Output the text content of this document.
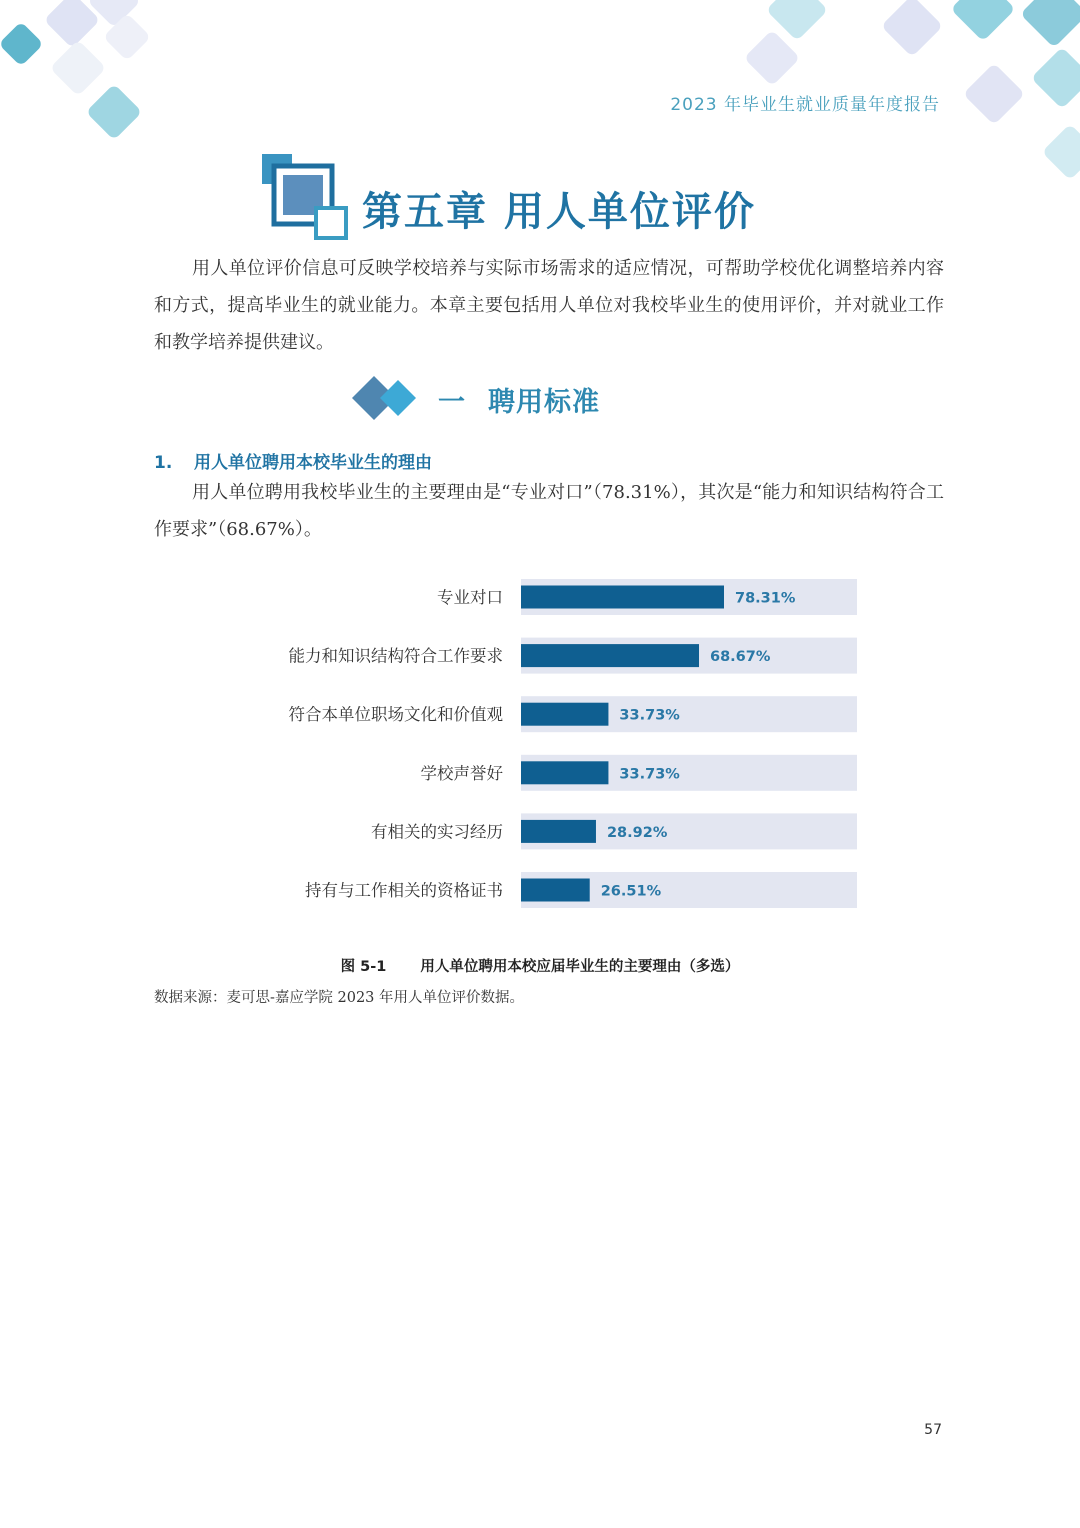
2023 年毕业生就业质量年度报告
第五章 用人单位评价

用人单位评价信息可反映学校培养与实际市场需求的适应情况，可帮助学校优化调整培养内容和方式，提高毕业生的就业能力。本章主要包括用人单位对我校毕业生的使用评价，并对就业工作和教学培养提供建议。

一 聘用标准
1. 用人单位聘用本校毕业生的理由

用人单位聘用我校毕业生的主要理由是“专业对口”（78.31%），其次是“能力和知识结构符合工作要求”（68.67%）。

专业对口	78.31%
能力和知识结构符合工作要求	68.67%
符合本单位职场文化和价值观	33.73%
学校声誉好	33.73%
有相关的实习经历	28.92%
持有与工作相关的资格证书	26.51%
图 5-1 用人单位聘用本校应届毕业生的主要理由（多选）
数据来源：麦可思-嘉应学院 2023 年用人单位评价数据。
57
